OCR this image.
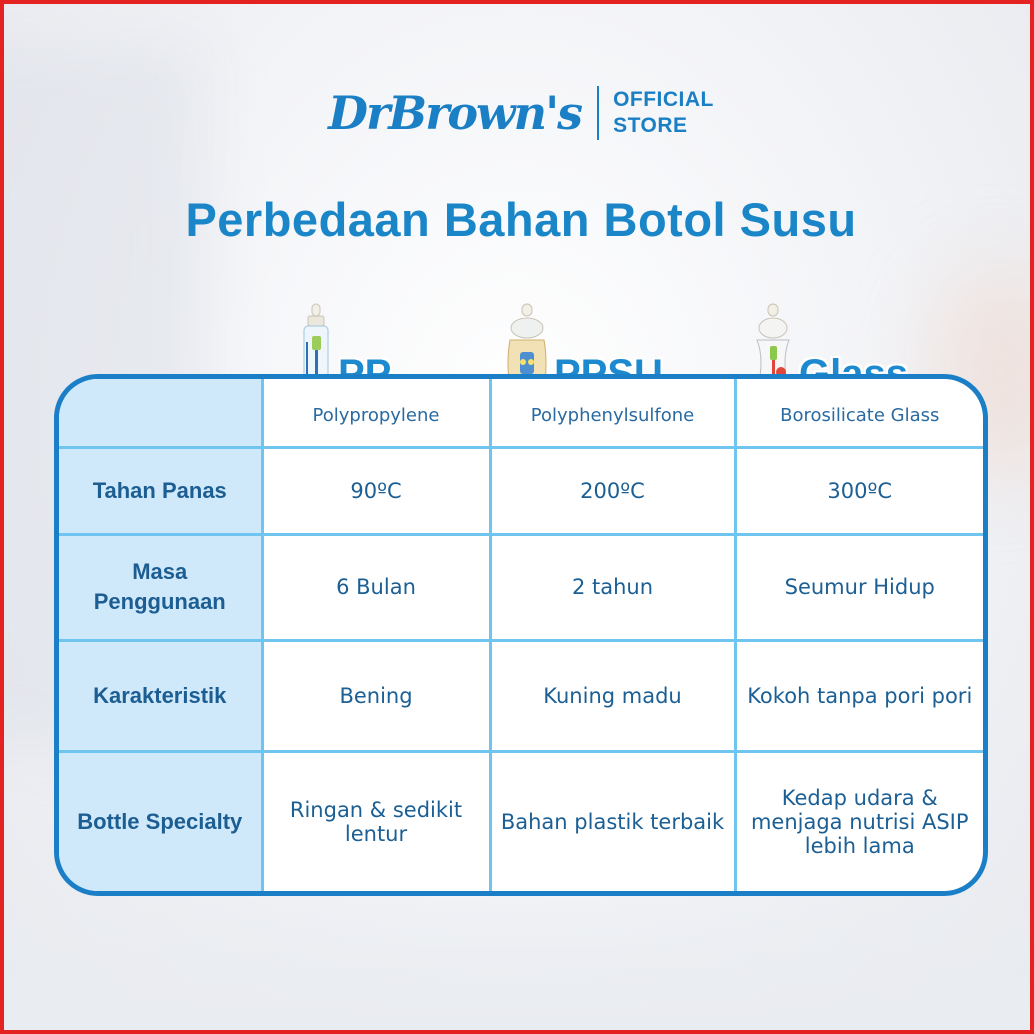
DrBrown's OFFICIAL
STORE
Perbedaan Bahan Botol Susu
	Polypropylene	Polyphenylsulfone	Borosilicate Glass
Tahan Panas	90ºC	200ºC	300ºC
Masa Penggunaan	6 Bulan	2 tahun	Seumur Hidup
Karakteristik	Bening	Kuning madu	Kokoh tanpa pori pori
Bottle Specialty	Ringan & sedikit lentur	Bahan plastik terbaik	Kedap udara & menjaga nutrisi ASIP lebih lama
